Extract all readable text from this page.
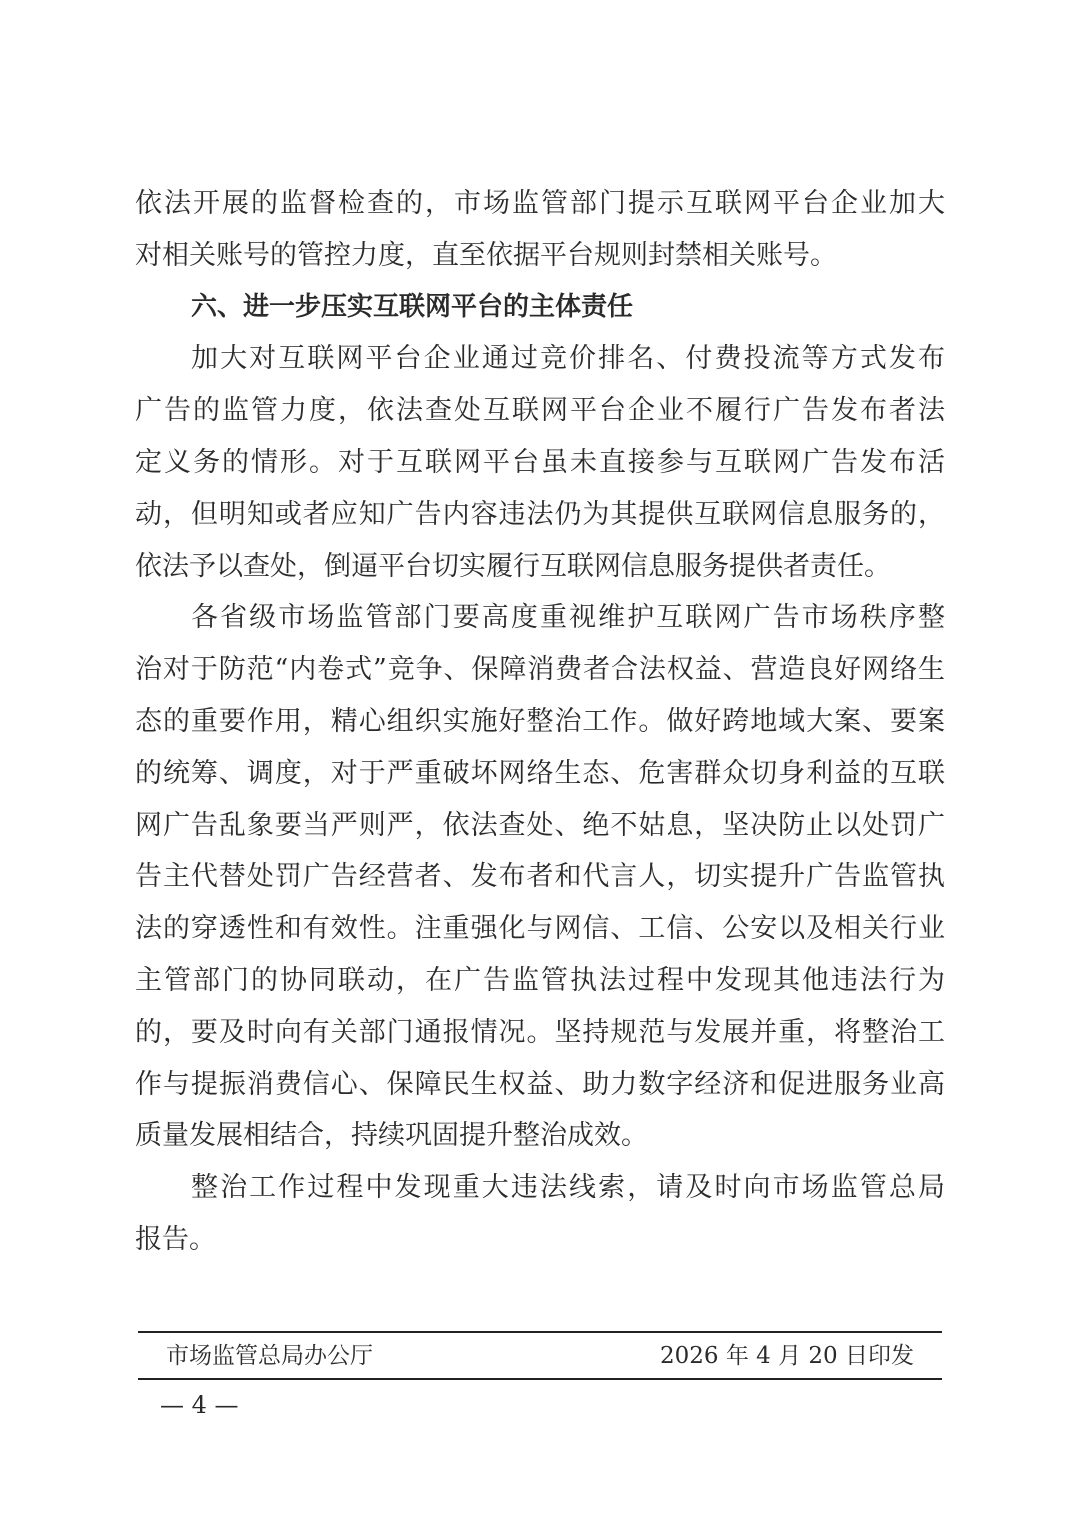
依法开展的监督检查的，市场监管部门提示互联网平台企业加大
对相关账号的管控力度，直至依据平台规则封禁相关账号。
六、进一步压实互联网平台的主体责任
加大对互联网平台企业通过竞价排名、付费投流等方式发布
广告的监管力度，依法查处互联网平台企业不履行广告发布者法
定义务的情形。对于互联网平台虽未直接参与互联网广告发布活
动，但明知或者应知广告内容违法仍为其提供互联网信息服务的，
依法予以查处，倒逼平台切实履行互联网信息服务提供者责任。
各省级市场监管部门要高度重视维护互联网广告市场秩序整
治对于防范“内卷式”竞争、保障消费者合法权益、营造良好网络生
态的重要作用，精心组织实施好整治工作。做好跨地域大案、要案
的统筹、调度，对于严重破坏网络生态、危害群众切身利益的互联
网广告乱象要当严则严，依法查处、绝不姑息，坚决防止以处罚广
告主代替处罚广告经营者、发布者和代言人，切实提升广告监管执
法的穿透性和有效性。注重强化与网信、工信、公安以及相关行业
主管部门的协同联动，在广告监管执法过程中发现其他违法行为
的，要及时向有关部门通报情况。坚持规范与发展并重，将整治工
作与提振消费信心、保障民生权益、助力数字经济和促进服务业高
质量发展相结合，持续巩固提升整治成效。
整治工作过程中发现重大违法线索，请及时向市场监管总局
报告。
市场监管总局办公厅	2026 年 4 月 20 日印发
— 4 —
